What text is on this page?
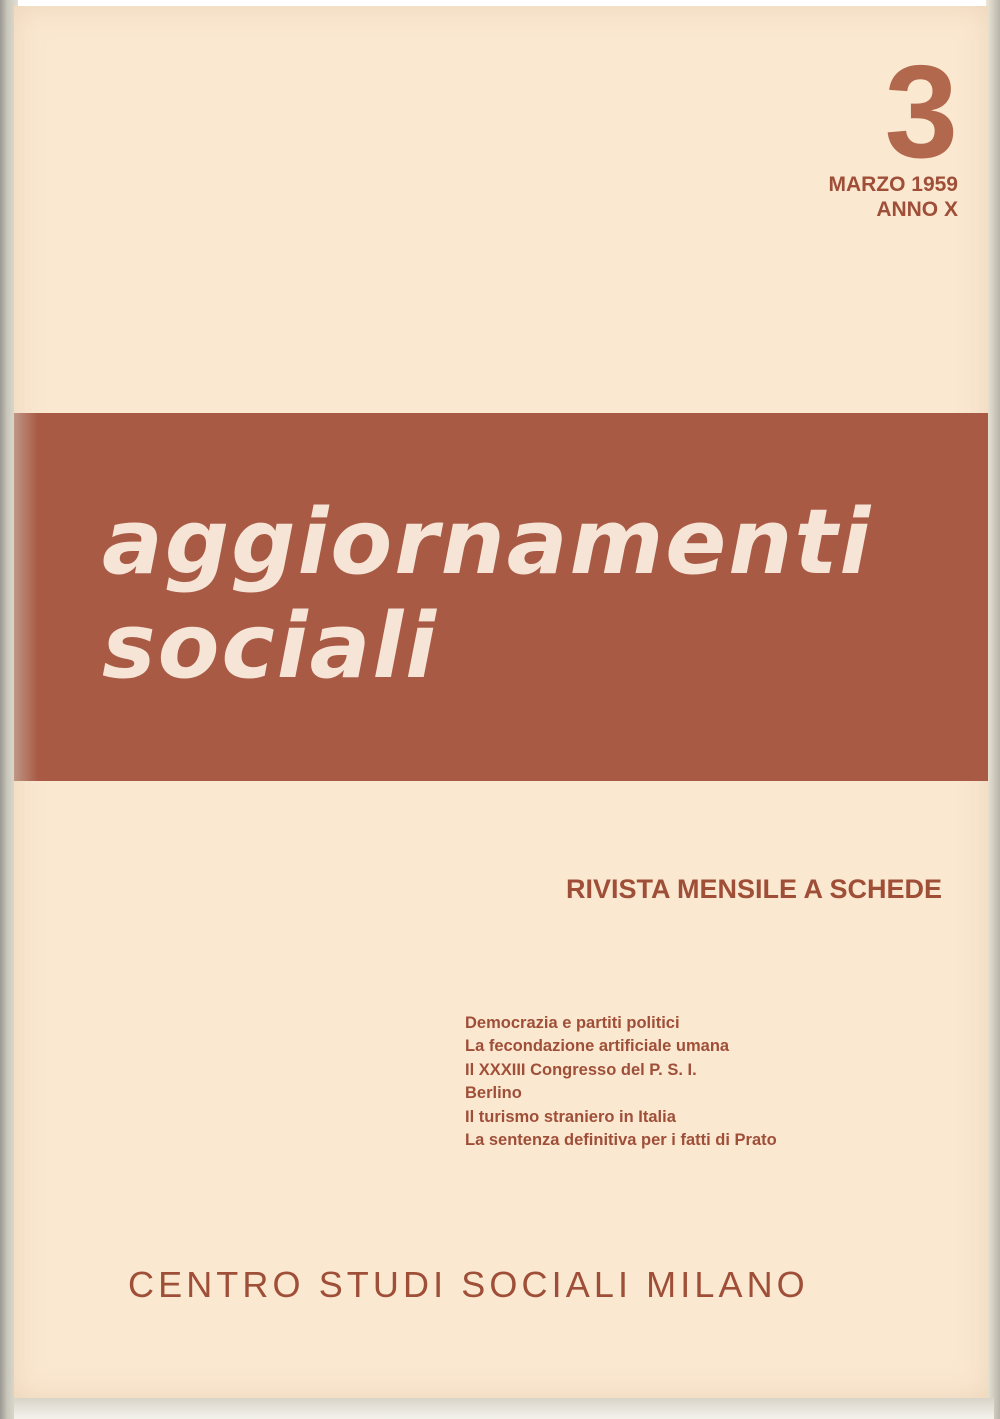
3
MARZO 1959
ANNO X
RIVISTA MENSILE A SCHEDE
Democrazia e partiti politici
La fecondazione artificiale umana
Il XXXIII Congresso del P. S. I.
Berlino
Il turismo straniero in Italia
La sentenza definitiva per i fatti di Prato
CENTRO STUDI SOCIALI MILANO
aggiornamenti
sociali
